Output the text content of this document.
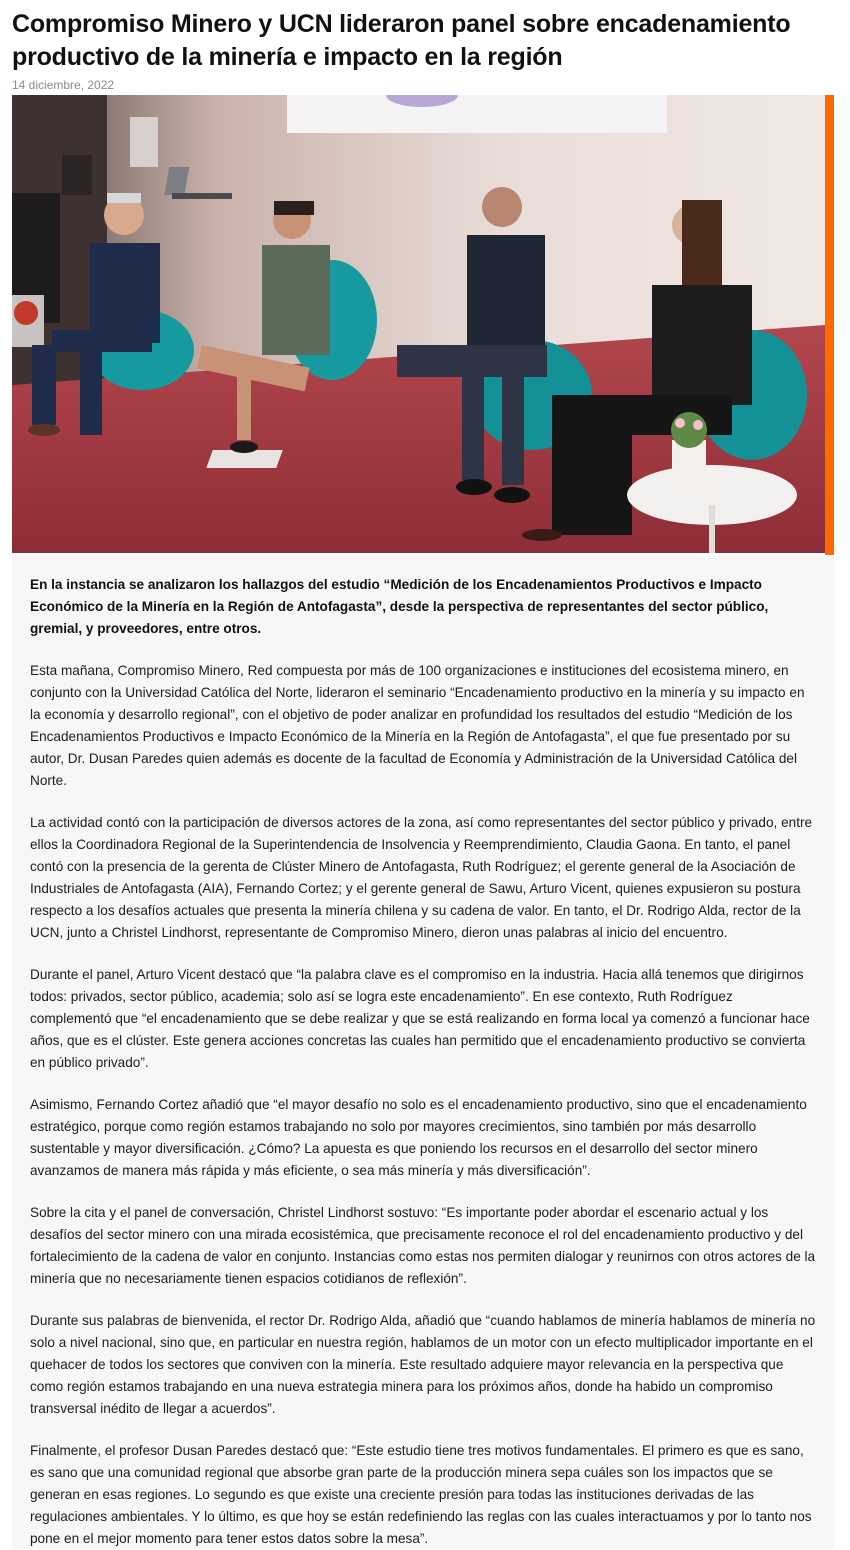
Compromiso Minero y UCN lideraron panel sobre encadenamiento productivo de la minería e impacto en la región
14 diciembre, 2022

En la instancia se analizaron los hallazgos del estudio “Medición de los Encadenamientos Productivos e Impacto Económico de la Minería en la Región de Antofagasta”, desde la perspectiva de representantes del sector público, gremial, y proveedores, entre otros.

Esta mañana, Compromiso Minero, Red compuesta por más de 100 organizaciones e instituciones del ecosistema minero, en conjunto con la Universidad Católica del Norte, lideraron el seminario “Encadenamiento productivo en la minería y su impacto en la economía y desarrollo regional”, con el objetivo de poder analizar en profundidad los resultados del estudio “Medición de los Encadenamientos Productivos e Impacto Económico de la Minería en la Región de Antofagasta”, el que fue presentado por su autor, Dr. Dusan Paredes quien además es docente de la facultad de Economía y Administración de la Universidad Católica del Norte.

La actividad contó con la participación de diversos actores de la zona, así como representantes del sector público y privado, entre ellos la Coordinadora Regional de la Superintendencia de Insolvencia y Reemprendimiento, Claudia Gaona. En tanto, el panel contó con la presencia de la gerenta de Clúster Minero de Antofagasta, Ruth Rodríguez; el gerente general de la Asociación de Industriales de Antofagasta (AIA), Fernando Cortez; y el gerente general de Sawu, Arturo Vicent, quienes expusieron su postura respecto a los desafíos actuales que presenta la minería chilena y su cadena de valor. En tanto, el Dr. Rodrigo Alda, rector de la UCN, junto a Christel Lindhorst, representante de Compromiso Minero, dieron unas palabras al inicio del encuentro.

Durante el panel, Arturo Vicent destacó que “la palabra clave es el compromiso en la industria. Hacia allá tenemos que dirigirnos todos: privados, sector público, academia; solo así se logra este encadenamiento”. En ese contexto, Ruth Rodríguez complementó que “el encadenamiento que se debe realizar y que se está realizando en forma local ya comenzó a funcionar hace años, que es el clúster. Este genera acciones concretas las cuales han permitido que el encadenamiento productivo se convierta en público privado”.

Asimismo, Fernando Cortez añadió que “el mayor desafío no solo es el encadenamiento productivo, sino que el encadenamiento estratégico, porque como región estamos trabajando no solo por mayores crecimientos, sino también por más desarrollo sustentable y mayor diversificación. ¿Cómo? La apuesta es que poniendo los recursos en el desarrollo del sector minero avanzamos de manera más rápida y más eficiente, o sea más minería y más diversificación”.

Sobre la cita y el panel de conversación, Christel Lindhorst sostuvo: “Es importante poder abordar el escenario actual y los desafíos del sector minero con una mirada ecosistémica, que precisamente reconoce el rol del encadenamiento productivo y del fortalecimiento de la cadena de valor en conjunto. Instancias como estas nos permiten dialogar y reunirnos con otros actores de la minería que no necesariamente tienen espacios cotidianos de reflexión”.

Durante sus palabras de bienvenida, el rector Dr. Rodrigo Alda, añadió que “cuando hablamos de minería hablamos de minería no solo a nivel nacional, sino que, en particular en nuestra región, hablamos de un motor con un efecto multiplicador importante en el quehacer de todos los sectores que conviven con la minería. Este resultado adquiere mayor relevancia en la perspectiva que como región estamos trabajando en una nueva estrategia minera para los próximos años, donde ha habido un compromiso transversal inédito de llegar a acuerdos”.

Finalmente, el profesor Dusan Paredes destacó que: “Este estudio tiene tres motivos fundamentales. El primero es que es sano, es sano que una comunidad regional que absorbe gran parte de la producción minera sepa cuáles son los impactos que se generan en esas regiones. Lo segundo es que existe una creciente presión para todas las instituciones derivadas de las regulaciones ambientales. Y lo último, es que hoy se están redefiniendo las reglas con las cuales interactuamos y por lo tanto nos pone en el mejor momento para tener estos datos sobre la mesa”.
